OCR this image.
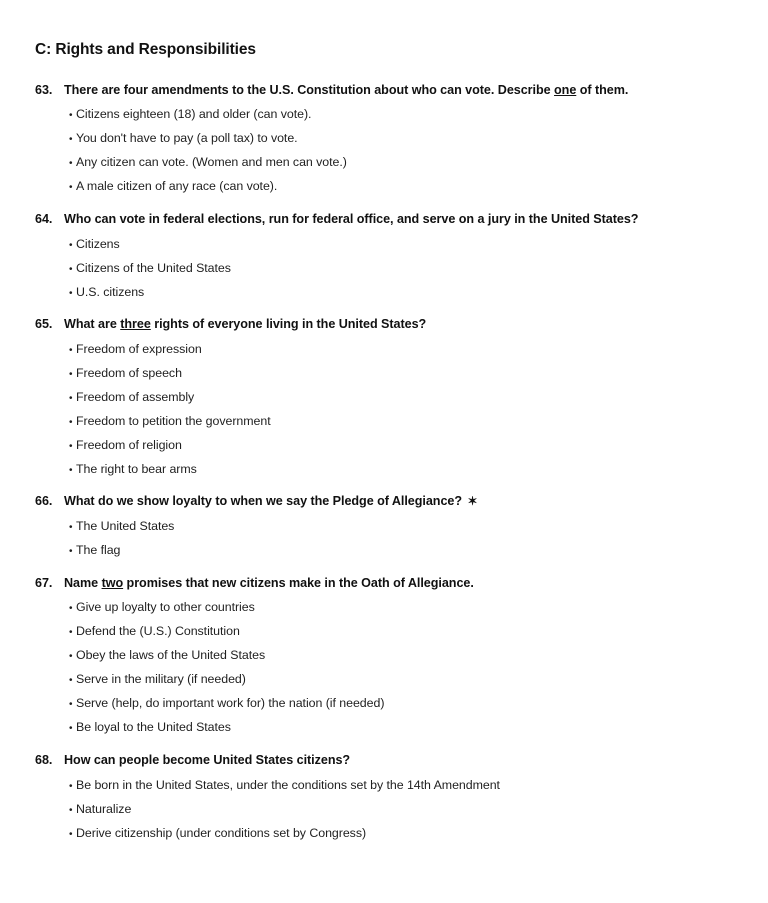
C: Rights and Responsibilities
63. There are four amendments to the U.S. Constitution about who can vote. Describe one of them.
• Citizens eighteen (18) and older (can vote).
• You don't have to pay (a poll tax) to vote.
• Any citizen can vote. (Women and men can vote.)
• A male citizen of any race (can vote).
64. Who can vote in federal elections, run for federal office, and serve on a jury in the United States?
• Citizens
• Citizens of the United States
• U.S. citizens
65. What are three rights of everyone living in the United States?
• Freedom of expression
• Freedom of speech
• Freedom of assembly
• Freedom to petition the government
• Freedom of religion
• The right to bear arms
66. What do we show loyalty to when we say the Pledge of Allegiance? ✶
• The United States
• The flag
67. Name two promises that new citizens make in the Oath of Allegiance.
• Give up loyalty to other countries
• Defend the (U.S.) Constitution
• Obey the laws of the United States
• Serve in the military (if needed)
• Serve (help, do important work for) the nation (if needed)
• Be loyal to the United States
68. How can people become United States citizens?
• Be born in the United States, under the conditions set by the 14th Amendment
• Naturalize
• Derive citizenship (under conditions set by Congress)
